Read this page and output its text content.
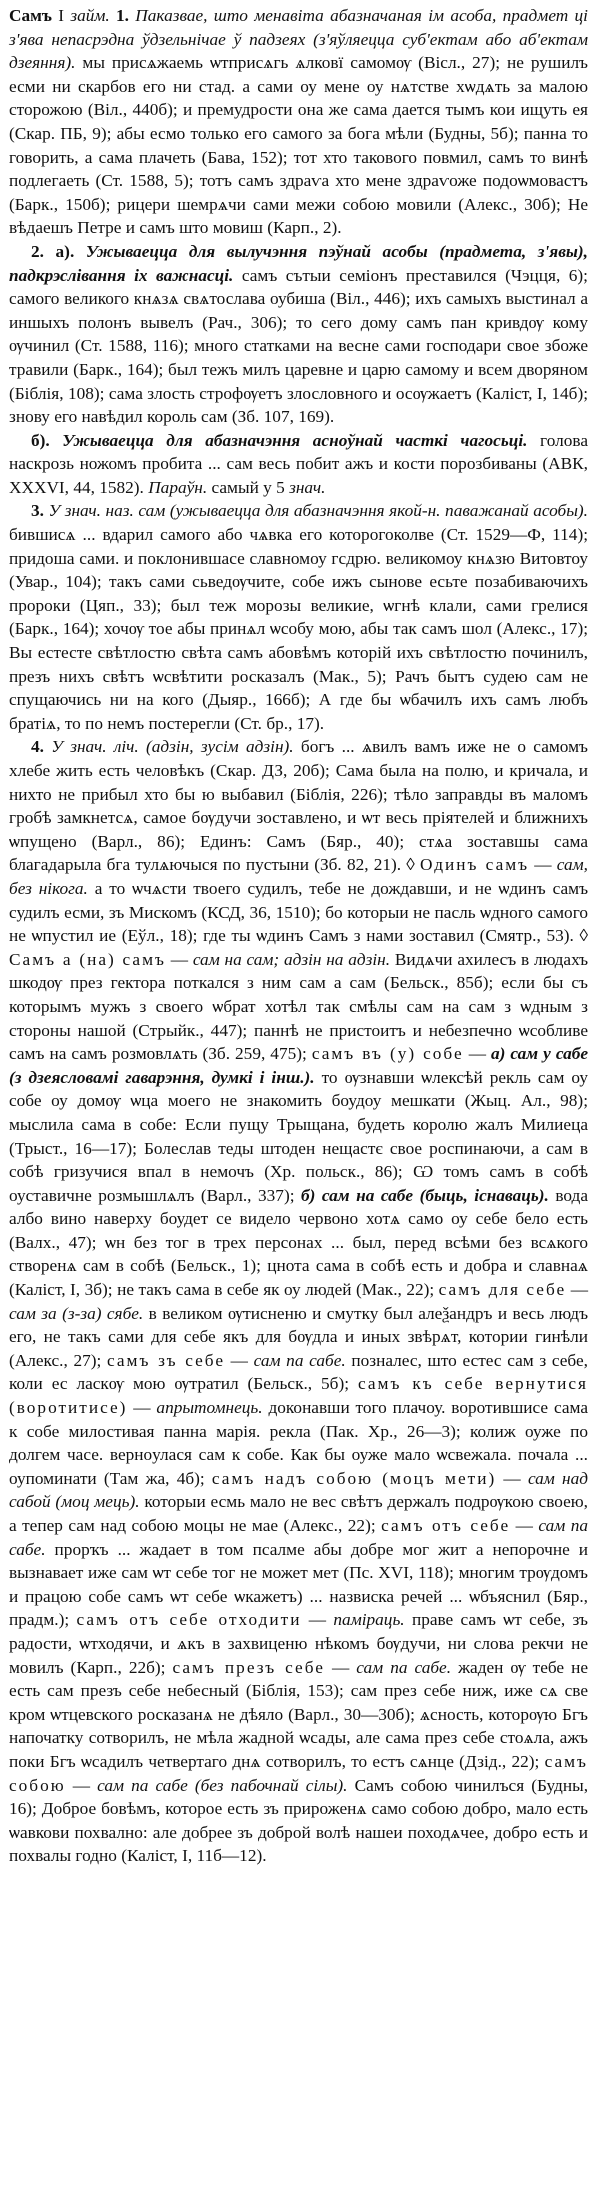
Самъ I займ. 1. Паказвае, што менавіта абазначаная ім асоба, прадмет ці з'ява непасрэдна ўдзельнічае ў падзеях (з'яўляецца суб'ектам або аб'ектам дзеяння). мы присѧжаемь ѡтприсѧгь ѧлковї самомѹ (Віcл., 27); не рушилъ есми ни скарбов его ни стад. а сами оу мене оу нѧтстве хѡдѧть за малою сторожою (Віл., 440б); и премудрости она же сама дается тымъ кои ищуть ея (Скар. ПБ, 9); абы есмо только его самого за бога мѣли (Будны, 5б); панна то говорить, а сама плачеть (Бава, 152); тот хто такового повмил, самъ то винѣ подлегаеть (Ст. 1588, 5); тотъ самъ здраѵа хто мене здраѵоже подоѡмовастъ (Барк., 150б); рицери шемрѧчи сами межи собою мовили (Алекс., 30б); Не вѣдаешъ Петре и самъ што мовиш (Карп., 2).

2. а). Ужываецца для вылучэння пэўнай асобы (прадмета, з'явы), падкрэслівання іх важнасці. самъ сътыи семіонъ преставился (Чэцця, 6); самого великого кнѧзѧ свѧтослава оубиша (Віл., 446); ихъ самыхъ выстинал а иншыхъ полонъ вывелъ (Рач., 306); то сего дому самъ пан кривдѹ кому ѹчинил (Ст. 1588, 116); много статками на весне сами господари свое збоже травили (Барк., 164); был тежъ милъ царевне и царю самому и всем дворяном (Біблія, 108); сама злость строфѹетъ злословного и осѹжаетъ (Калicт, І, 14б); знову его навѣдил король сам (Зб. 107, 169).

б). Ужываецца для абазначэння асноўнай часткі чагосьці. голова наскрозь ножомъ пробита ... сам весь побит ажъ и кости порозбиваны (АВК, XXXVI, 44, 1582). Параўн. самый у 5 знач.

3. У знач. наз. сам (ужываецца для абазначэння якой-н. паважанай асобы). бившисѧ ... вдарил самого або чѧвка его которогоколве (Ст. 1529—Ф, 114); придоша сами. и поклонившасе славномоу гсдрю. великомоу кнѧзю Витовтоу (Увар., 104); такъ сами сьведѹчите, собе ижъ сынове есьте позабиваючихъ пророки (Цяп., 33); был теж морозы великие, ѡгнѣ клали, сами грелися (Барк., 164); хочѹ тое абы принѧл ѡсобу мою, абы так самъ шол (Алекс., 17); Вы естесте свѣтлостю свѣта самъ абовѣмъ которій ихъ свѣтлостю починилъ, презъ нихъ свѣтъ ѡсвѣтити росказалъ (Мак., 5); Рачъ бытъ судею сам не спущаючись ни на кого (Дыяр., 166б); А где бы ѡбачилъ ихъ самъ любъ братіѧ, то по немъ постерегли (Ст. бр., 17).

4. У знач. ліч. (адзін, зусім адзін). богъ ... ѧвилъ вамъ иже не о самомъ хлебе жить есть человѣкъ (Скар. ДЗ, 20б); Сама была на полю, и кричала, и нихто не прибыл хто бы ю выбавил (Біблія, 226); тѣло заправды въ маломъ гробѣ замкнетсѧ, самое бѹдучи зоставлено, и ѡт весь пріятелей и ближнихъ ѡпущено (Варл., 86); Единъ: Самъ (Бяр., 40); стѧа зоставшы сама благадарыла бга тулѧючыся по пустыни (Зб. 82, 21). ◊ Одинъ самъ — сам, без нікога. а то ѡчѧсти твоего судилъ, тебе не дождавши, и не ѡдинъ самъ судилъ есми, зъ Мискомъ (КСД, 36, 1510); бо которыи не пасль ѡдного самого не ѡпустил ие (Еўл., 18); где ты ѡдинъ Самъ з нами зоставил (Смятр., 53). ◊ Самъ а (на) самъ — сам на сам; адзін на адзін. Видѧчи ахилесъ в людахъ шкодѹ през гектора поткался з ним сам а сам (Бельск., 85б); если бы съ которымъ мужъ з своего ѡбрат хотѣл так смѣлы сам на сам з ѡдным з стороны нашой (Стрыйк., 447); паннѣ не пристоитъ и небезпечно ѡсобливе самъ на самъ розмовлѧть (Зб. 259, 475); самъ въ (у) собе — а) сам у сабе (з дзеясловамі гаварэння, думкі і інш.). то ѹзнавши ѡлексѣй рекль сам оу собе оу домѹ ѡца моего не знакомить боудоу мешкати (Жыц. Ал., 98); мыслила сама в собе: Если пущу Трыщана, будеть королю жалъ Милиеца (Трыст., 16—17); Болеслав теды штоден нещастє свое роспинаючи, а сам в собѣ гризучися впал в немочъ (Хр. польск., 86); Ѡ томъ самъ в собѣ оуставичне розмышлѧлъ (Варл., 337); б) сам на сабе (быць, існаваць). вода албо вино наверху боудет се видело червоно хотѧ само оу себе бело есть (Валх., 47); ѡн без тог в трех персонах ... был, перед всѣми без всѧкого створенѧ сам в собѣ (Бельск., 1); цнота сама в собѣ есть и добра и славнаѧ (Калicт, І, 3б); не такъ сама в себе як оу людей (Мак., 22); самъ для себе — сам за (з-за) сябе. в великом ѹтисненю и смутку был алеѯандръ и весь людъ его, не такъ сами для себе якъ для бѹдла и иных звѣрѧт, котории гинѣли (Алекс., 27); самъ зъ себе — сам па сабе. позналес, што естес сам з себе, коли ес ласкѹ мою ѹтратил (Бельск., 5б); самъ къ себе вернутися (воротитисе) — апрытомнець. доконавши того плачоу. воротившисе сама к собе милостивая панна марія. рекла (Пак. Хр., 26—3); колиж оуже по долгем часе. вернoулася сам к собе. Как бы оуже мало ѡсвежала. почала ... оупоминати (Там жа, 4б); самъ надъ собою (моцъ мети) — сам над сабой (моц мець). которыи есмь мало не вес свѣтъ держалъ подрѹкою своею, а тепер сам над собою моцы не мае (Алекс., 22); самъ отъ себе — сам па сабе. прорҡъ ... жадает в том псалме абы добре мог жит а непорочне и вызнавает иже сам ѡт себе тог не может мет (Пс. XVI, 118); многим трѹдомъ и працою собе самъ ѡт себе ѡкажетъ) ... назвиска речей ... ѡбъяснил (Бяр., прадм.); самъ отъ себе отходити — паміраць. праве самъ ѡт себе, зъ радости, ѡтходячи, и ѧкъ в захвиценю нѣкомъ бѹдучи, ни слова рекчи не мовилъ (Карп., 22б); самъ презъ себе — сам па сабе. жаден ѹ тебе не есть сам презъ себе небесный (Біблія, 153); сам през себе ниж, иже сѧ све кром ѡтцевского росказанѧ не дѣялo (Варл., 30—30б); ѧсность, которѹю Бгъ напочатку сотворилъ, не мѣла жадной ѡсады, але сама през себе стоѧла, ажъ поки Бгъ ѡсадилъ четвертаго днѧ сотворилъ, то естъ сѧнце (Дзід., 22); самъ собою — сам па сабе (без пабочнай сілы). Самъ собою чинилъся (Будны, 16); Доброе бовѣмъ, которое есть зъ прироженѧ само собою добро, мало есть ѡавкови похвално: але добрее зъ доброй волѣ нашеи походѧчее, добро есть и похвалы годно (Калicт, І, 11б—12).
